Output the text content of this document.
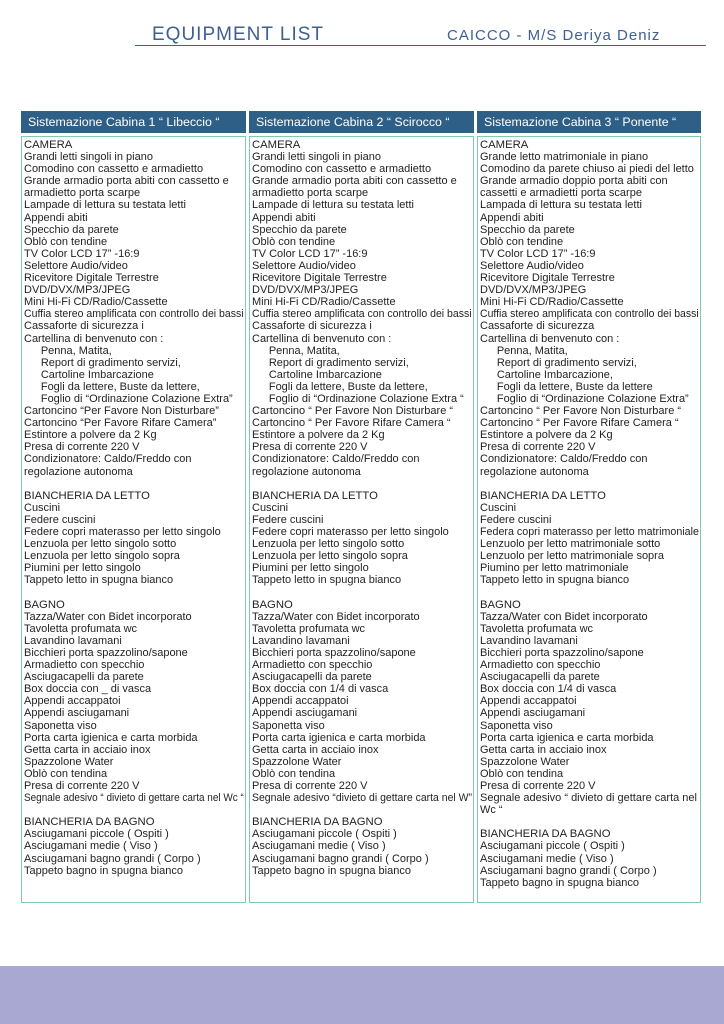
EQUIPMENT LIST	CAICCO - M/S Deriya Deniz
Sistemazione Cabina 1 “ Libeccio “
CAMERA
Grandi letti singoli in piano
Comodino con cassetto e armadietto
Grande armadio porta abiti con cassetto e
armadietto porta scarpe
Lampade di lettura su testata letti
Appendi abiti
Specchio da parete
Oblò con tendine
TV Color LCD 17” -16:9
Selettore Audio/video
Ricevitore Digitale Terrestre
DVD/DVX/MP3/JPEG
Mini Hi-Fi CD/Radio/Cassette
Cuffia stereo amplificata con controllo dei bassi
Cassaforte di sicurezza i
Cartellina di benvenuto con :
Penna, Matita,
Report di gradimento servizi,
Cartoline Imbarcazione
Fogli da lettere, Buste da lettere,
Foglio di “Ordinazione Colazione Extra”
Cartoncino “Per Favore Non Disturbare”
Cartoncino “Per Favore Rifare Camera”
Estintore a polvere da 2 Kg
Presa di corrente 220 V
Condizionatore: Caldo/Freddo con
regolazione autonoma
BIANCHERIA DA LETTO
Cuscini
Federe cuscini
Federe copri materasso per letto singolo
Lenzuola per letto singolo sotto
Lenzuola per letto singolo sopra
Piumini per letto singolo
Tappeto letto in spugna bianco
BAGNO
Tazza/Water con Bidet incorporato
Tavoletta profumata wc
Lavandino lavamani
Bicchieri porta spazzolino/sapone
Armadietto con specchio
Asciugacapelli da parete
Box doccia con _ di vasca
Appendi accappatoi
Appendi asciugamani
Saponetta viso
Porta carta igienica e carta morbida
Getta carta in acciaio inox
Spazzolone Water
Oblò con tendina
Presa di corrente 220 V
Segnale adesivo “ divieto di gettare carta nel Wc “
BIANCHERIA DA BAGNO
Asciugamani piccole ( Ospiti )
Asciugamani medie ( Viso )
Asciugamani bagno grandi ( Corpo )
Tappeto bagno in spugna bianco
Sistemazione Cabina 2 “ Scirocco “
CAMERA
Grandi letti singoli in piano
Comodino con cassetto e armadietto
Grande armadio porta abiti con cassetto e
armadietto porta scarpe
Lampade di lettura su testata letti
Appendi abiti
Specchio da parete
Oblò con tendine
TV Color LCD 17” -16:9
Selettore Audio/video
Ricevitore Digitale Terrestre
DVD/DVX/MP3/JPEG
Mini Hi-Fi CD/Radio/Cassette
Cuffia stereo amplificata con controllo dei bassi
Cassaforte di sicurezza i
Cartellina di benvenuto con :
Penna, Matita,
Report di gradimento servizi,
Cartoline Imbarcazione
Fogli da lettere, Buste da lettere,
Foglio di “Ordinazione Colazione Extra “
Cartoncino “ Per Favore Non Disturbare “
Cartoncino “ Per Favore Rifare Camera “
Estintore a polvere da 2 Kg
Presa di corrente 220 V
Condizionatore: Caldo/Freddo con
regolazione autonoma
BIANCHERIA DA LETTO
Cuscini
Federe cuscini
Federe copri materasso per letto singolo
Lenzuola per letto singolo sotto
Lenzuola per letto singolo sopra
Piumini per letto singolo
Tappeto letto in spugna bianco
BAGNO
Tazza/Water con Bidet incorporato
Tavoletta profumata wc
Lavandino lavamani
Bicchieri porta spazzolino/sapone
Armadietto con specchio
Asciugacapelli da parete
Box doccia con 1/4 di vasca
Appendi accappatoi
Appendi asciugamani
Saponetta viso
Porta carta igienica e carta morbida
Getta carta in acciaio inox
Spazzolone Water
Oblò con tendina
Presa di corrente 220 V
Segnale adesivo “divieto di gettare carta nel W”
BIANCHERIA DA BAGNO
Asciugamani piccole ( Ospiti )
Asciugamani medie ( Viso )
Asciugamani bagno grandi ( Corpo )
Tappeto bagno in spugna bianco
Sistemazione Cabina 3 “ Ponente “
CAMERA
Grande letto matrimoniale in piano
Comodino da parete chiuso ai piedi del letto
Grande armadio doppio porta abiti con
cassetti e armadietti porta scarpe
Lampada di lettura su testata letti
Appendi abiti
Specchio da parete
Oblò con tendine
TV Color LCD 17” -16:9
Selettore Audio/video
Ricevitore Digitale Terrestre
DVD/DVX/MP3/JPEG
Mini Hi-Fi CD/Radio/Cassette
Cuffia stereo amplificata con controllo dei bassi
Cassaforte di sicurezza
Cartellina di benvenuto con :
Penna, Matita,
Report di gradimento servizi,
Cartoline Imbarcazione,
Fogli da lettere, Buste da lettere
Foglio di “Ordinazione Colazione Extra”
Cartoncino “ Per Favore Non Disturbare “
Cartoncino “ Per Favore Rifare Camera “
Estintore a polvere da 2 Kg
Presa di corrente 220 V
Condizionatore: Caldo/Freddo con
regolazione autonoma
BIANCHERIA DA LETTO
Cuscini
Federe cuscini
Federa copri materasso per letto matrimoniale
Lenzuolo per letto matrimoniale sotto
Lenzuolo per letto matrimoniale sopra
Piumino per letto matrimoniale
Tappeto letto in spugna bianco
BAGNO
Tazza/Water con Bidet incorporato
Tavoletta profumata wc
Lavandino lavamani
Bicchieri porta spazzolino/sapone
Armadietto con specchio
Asciugacapelli da parete
Box doccia con 1/4 di vasca
Appendi accappatoi
Appendi asciugamani
Saponetta viso
Porta carta igienica e carta morbida
Getta carta in acciaio inox
Spazzolone Water
Oblò con tendina
Presa di corrente 220 V
Segnale adesivo “ divieto di gettare carta nel
Wc “
BIANCHERIA DA BAGNO
Asciugamani piccole ( Ospiti )
Asciugamani medie ( Viso )
Asciugamani bagno grandi ( Corpo )
Tappeto bagno in spugna bianco
